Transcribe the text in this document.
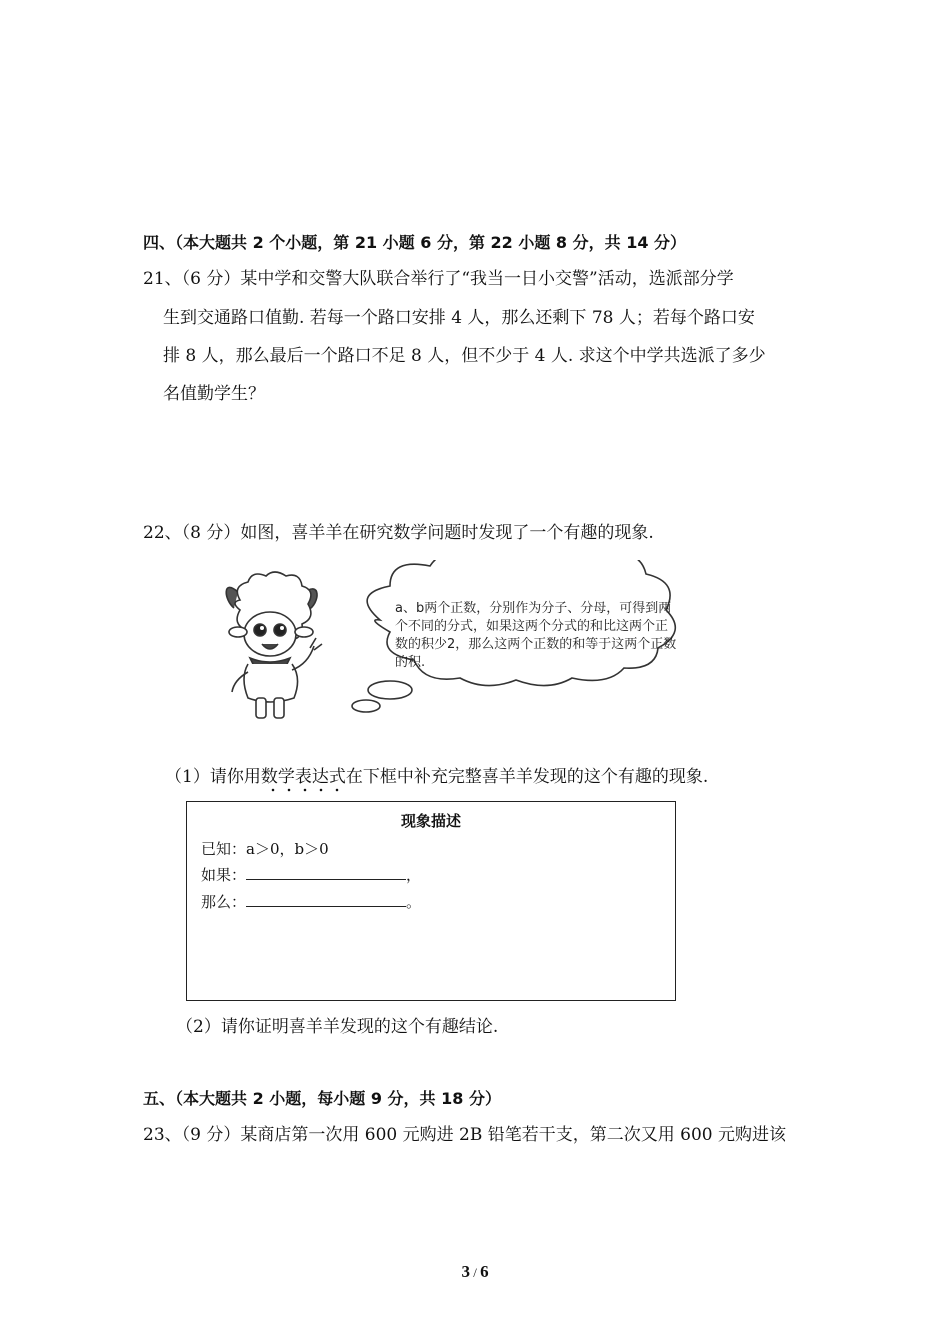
四、（本大题共 2 个小题，第 21 小题 6 分，第 22 小题 8 分，共 14 分）
21、（6 分）某中学和交警大队联合举行了“我当一日小交警”活动，选派部分学
生到交通路口值勤. 若每一个路口安排 4 人，那么还剩下 78 人；若每个路口安
排 8 人，那么最后一个路口不足 8 人，但不少于 4 人. 求这个中学共选派了多少
名值勤学生？
22、（8 分）如图，喜羊羊在研究数学问题时发现了一个有趣的现象.
a、b两个正数，分别作为分子、分母，可得到两
个不同的分式，如果这两个分式的和比这两个正
数的积少2，那么这两个正数的和等于这两个正数
的积.
（1）请你用数学表达式在下框中补充完整喜羊羊发现的这个有趣的现象.
现象描述
已知：a＞0，b＞0
如果：	，
那么：	。
（2）请你证明喜羊羊发现的这个有趣结论.
五、（本大题共 2 小题，每小题 9 分，共 18 分）
23、（9 分）某商店第一次用 600 元购进 2B 铅笔若干支，第二次又用 600 元购进该
3 / 6
